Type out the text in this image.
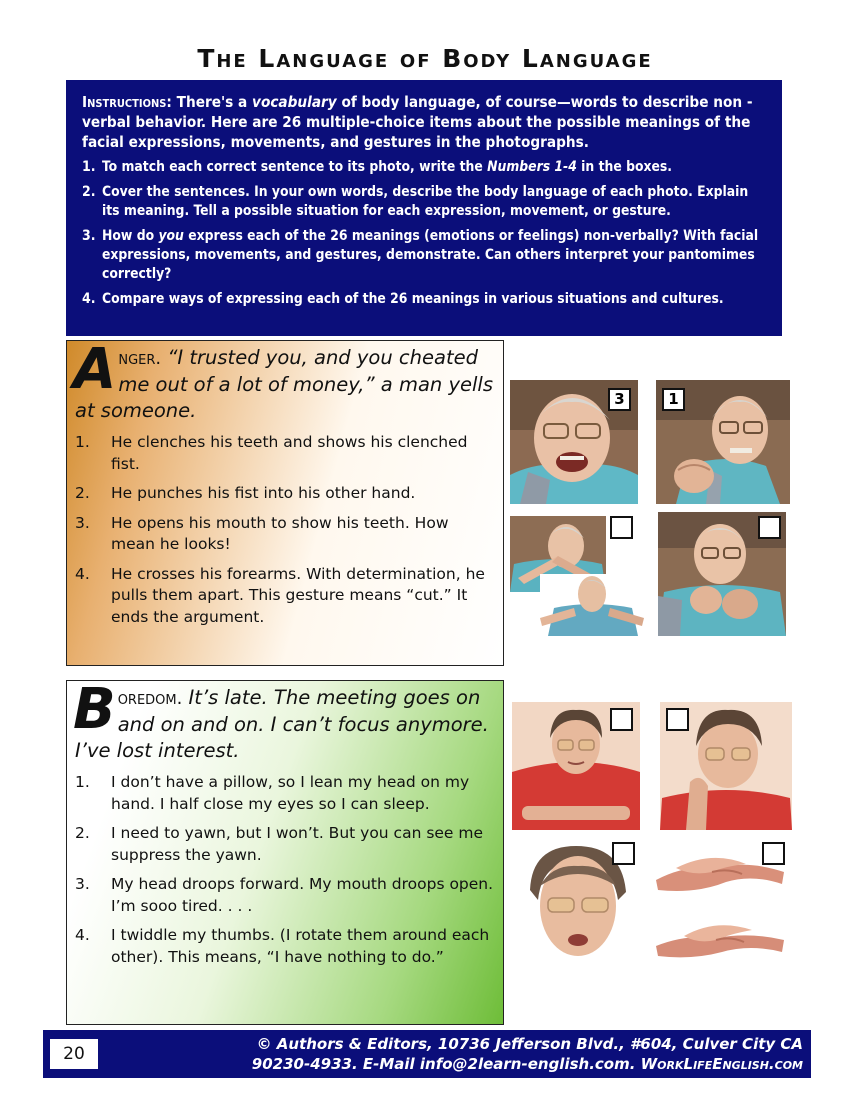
The Language of Body Language
Instructions: There's a vocabulary of body language, of course—words to describe non -verbal behavior. Here are 26 multiple-choice items about the possible meanings of the facial expressions, movements, and gestures in the photographs.
1. To match each correct sentence to its photo, write the Numbers 1-4 in the boxes.
2. Cover the sentences. In your own words, describe the body language of each photo. Explain its meaning. Tell a possible situation for each expression, movement, or gesture.
3. How do you express each of the 26 meanings (emotions or feelings) non-verbally? With facial expressions, movements, and gestures, demonstrate. Can others interpret your pantomimes correctly?
4. Compare ways of expressing each of the 26 meanings in various situations and cultures.
Anger. “I trusted you, and you cheated me out of a lot of money,” a man yells at someone.
1.	He clenches his teeth and shows his clenched fist.
2.	He punches his fist into his other hand.
3.	He opens his mouth to show his teeth. How mean he looks!
4.	He crosses his forearms. With determination, he pulls them apart. This gesture means “cut.” It ends the argument.
3	1
Boredom. It’s late. The meeting goes on and on and on. I can’t focus anymore. I’ve lost interest.
1.	I don’t have a pillow, so I lean my head on my hand. I half close my eyes so I can sleep.
2.	I need to yawn, but I won’t. But you can see me suppress the yawn.
3.	My head droops forward. My mouth droops open. I’m sooo tired. . . .
4.	I twiddle my thumbs. (I rotate them around each other). This means, “I have nothing to do.”
20	© Authors & Editors, 10736 Jefferson Blvd., #604, Culver City CA
90230-4933. E-Mail info@2learn-english.com. WorkLifeEnglish.com
